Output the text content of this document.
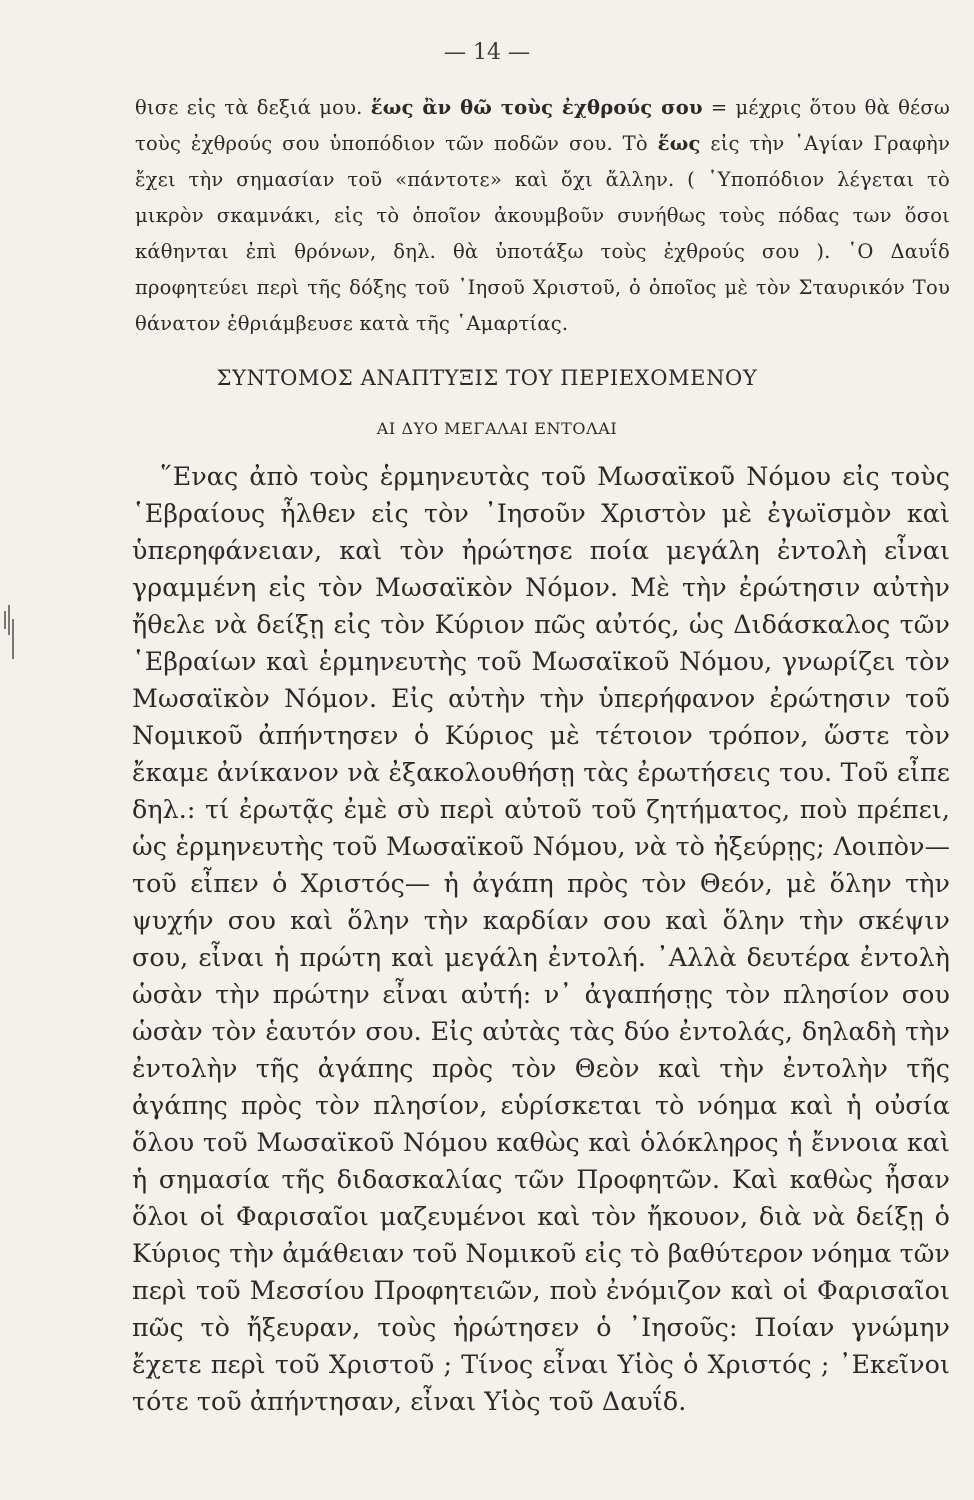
— 14 —

θισε εἰς τὰ δεξιά μου. ἕως ἂν θῶ τοὺς ἐχθρούς σου = μέχρις ὅτου θὰ θέσω τοὺς ἐχθρούς σου ὑποπόδιον τῶν ποδῶν σου. Τὸ ἕως εἰς τὴν ῾Αγίαν Γραφὴν ἔχει τὴν σημασίαν τοῦ «πάντοτε» καὶ ὄχι ἄλλην. ( ῾Υποπόδιον λέγεται τὸ μικρὸν σκαμνάκι, εἰς τὸ ὁποῖον ἀκουμβοῦν συνήθως τοὺς πόδας των ὅσοι κάθηνται ἐπὶ θρόνων, δηλ. θὰ ὑποτάξω τοὺς ἐχθρούς σου ). ῾Ο Δαυΐδ προφητεύει περὶ τῆς δόξης τοῦ ᾽Ιησοῦ Χριστοῦ, ὁ ὁποῖος μὲ τὸν Σταυρικόν Του θάνατον ἐθριάμβευσε κατὰ τῆς ῾Αμαρτίας.

ΣΥΝΤΟΜΟΣ ΑΝΑΠΤΥΞΙΣ ΤΟΥ ΠΕΡΙΕΧΟΜΕΝΟΥ
ΑΙ ΔΥΟ ΜΕΓΑΛΑΙ ΕΝΤΟΛΑΙ

῞Ενας ἀπὸ τοὺς ἑρμηνευτὰς τοῦ Μωσαϊκοῦ Νόμου εἰς τοὺς ῾Εβραίους ἦλθεν εἰς τὸν ᾽Ιησοῦν Χριστὸν μὲ ἐγωϊσμὸν καὶ ὑπερηφάνειαν, καὶ τὸν ἠρώτησε ποία μεγάλη ἐντολὴ εἶναι γραμμένη εἰς τὸν Μωσαϊκὸν Νόμον. Μὲ τὴν ἐρώτησιν αὐτὴν ἤθελε νὰ δείξῃ εἰς τὸν Κύριον πῶς αὐτός, ὡς Διδάσκαλος τῶν ῾Εβραίων καὶ ἑρμηνευτὴς τοῦ Μωσαϊκοῦ Νόμου, γνωρίζει τὸν Μωσαϊκὸν Νόμον. Εἰς αὐτὴν τὴν ὑπερήφανον ἐρώτησιν τοῦ Νομικοῦ ἀπήντησεν ὁ Κύριος μὲ τέτοιον τρόπον, ὥστε τὸν ἔκαμε ἀνίκανον νὰ ἐξακολουθήσῃ τὰς ἐρωτήσεις του. Τοῦ εἶπε δηλ.: τί ἐρωτᾷς ἐμὲ σὺ περὶ αὐτοῦ τοῦ ζητήματος, ποὺ πρέπει, ὡς ἑρμηνευτὴς τοῦ Μωσαϊκοῦ Νόμου, νὰ τὸ ἠξεύρῃς; Λοιπὸν—τοῦ εἶπεν ὁ Χριστός— ἡ ἀγάπη πρὸς τὸν Θεόν, μὲ ὅλην τὴν ψυχήν σου καὶ ὅλην τὴν καρδίαν σου καὶ ὅλην τὴν σκέψιν σου, εἶναι ἡ πρώτη καὶ μεγάλη ἐντολή. ᾽Αλλὰ δευτέρα ἐντολὴ ὡσὰν τὴν πρώτην εἶναι αὐτή: ν᾽ ἀγαπήσῃς τὸν πλησίον σου ὡσὰν τὸν ἑαυτόν σου. Εἰς αὐτὰς τὰς δύο ἐντολάς, δηλαδὴ τὴν ἐντολὴν τῆς ἀγάπης πρὸς τὸν Θεὸν καὶ τὴν ἐντολὴν τῆς ἀγάπης πρὸς τὸν πλησίον, εὑρίσκεται τὸ νόημα καὶ ἡ οὐσία ὅλου τοῦ Μωσαϊκοῦ Νόμου καθὼς καὶ ὁλόκληρος ἡ ἔννοια καὶ ἡ σημασία τῆς διδασκαλίας τῶν Προφητῶν. Καὶ καθὼς ἦσαν ὅλοι οἱ Φαρισαῖοι μαζευμένοι καὶ τὸν ἤκουον, διὰ νὰ δείξῃ ὁ Κύριος τὴν ἀμάθειαν τοῦ Νομικοῦ εἰς τὸ βαθύτερον νόημα τῶν περὶ τοῦ Μεσσίου Προφητειῶν, ποὺ ἐνόμιζον καὶ οἱ Φαρισαῖοι πῶς τὸ ἤξευραν, τοὺς ἠρώτησεν ὁ ᾽Ιησοῦς: Ποίαν γνώμην ἔχετε περὶ τοῦ Χριστοῦ ; Τίνος εἶναι Υἱὸς ὁ Χριστός ; ᾽Εκεῖνοι τότε τοῦ ἀπήντησαν, εἶναι Υἱὸς τοῦ Δαυΐδ.
